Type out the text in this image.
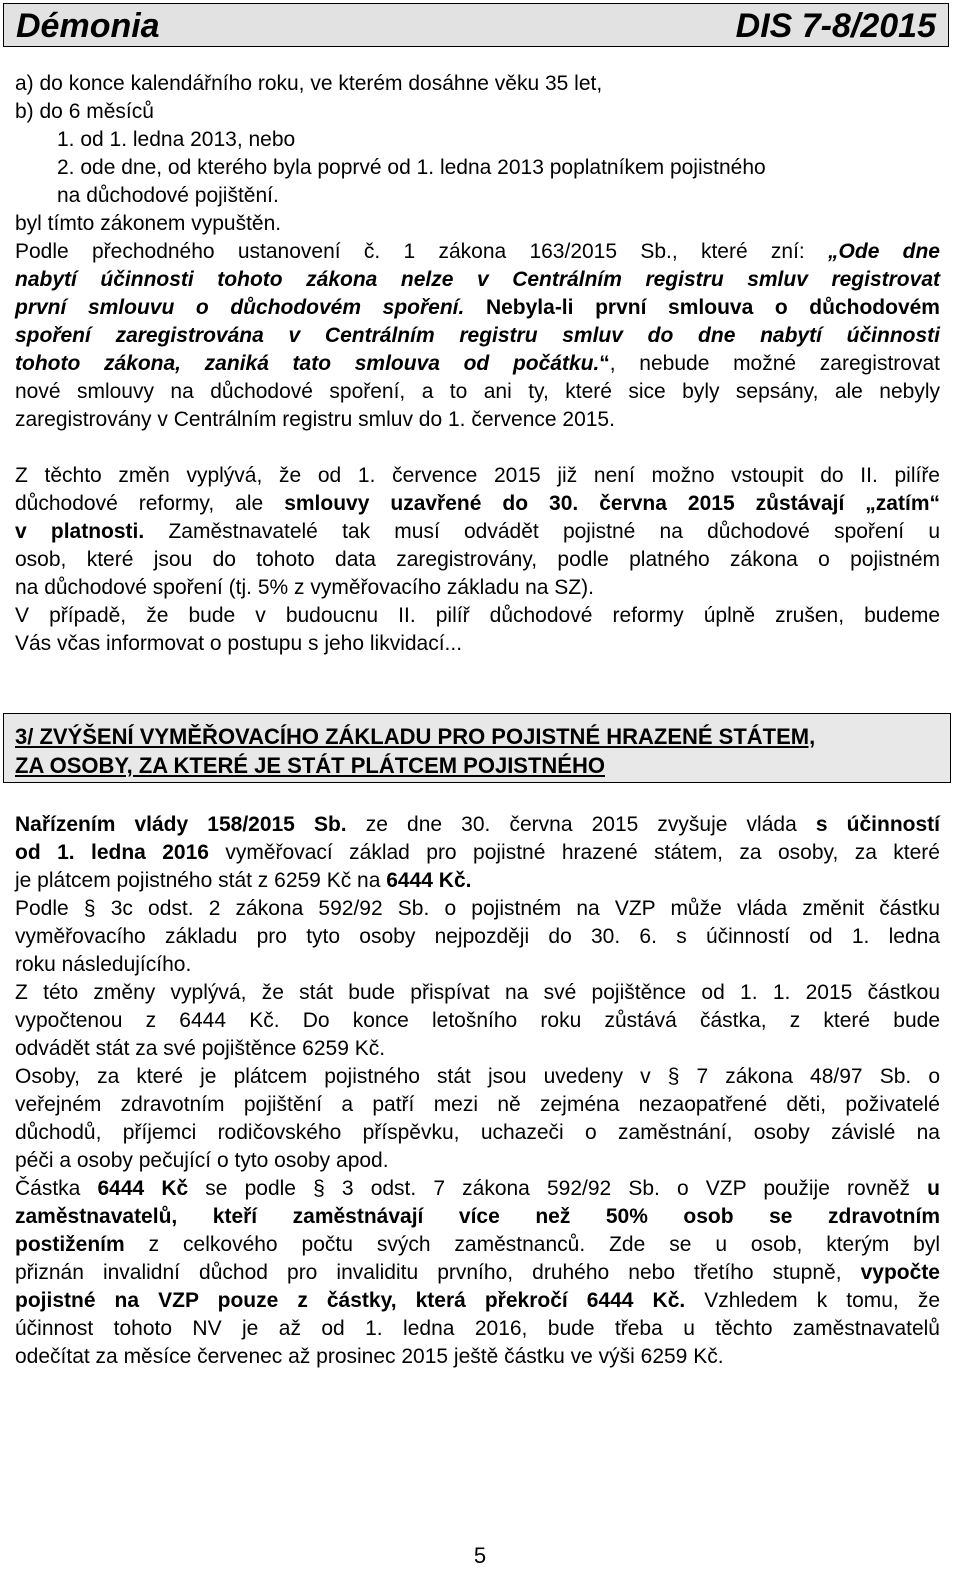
Démonia	DIS 7-8/2015

a) do konce kalendářního roku, ve kterém dosáhne věku 35 let,

b) do 6 měsíců

1. od 1. ledna 2013, nebo

2. ode dne, od kterého byla poprvé od 1. ledna 2013 poplatníkem pojistného

na důchodové pojištění.

byl tímto zákonem vypuštěn.

Podle přechodného ustanovení č. 1 zákona 163/2015 Sb., které zní: „Ode dne

nabytí účinnosti tohoto zákona nelze v Centrálním registru smluv registrovat

první smlouvu o důchodovém spoření. Nebyla-li první smlouva o důchodovém

spoření zaregistrována v Centrálním registru smluv do dne nabytí účinnosti

tohoto zákona, zaniká tato smlouva od počátku.“, nebude možné zaregistrovat

nové smlouvy na důchodové spoření, a to ani ty, které sice byly sepsány, ale nebyly

zaregistrovány v Centrálním registru smluv do 1. července 2015.

Z těchto změn vyplývá, že od 1. července 2015 již není možno vstoupit do II. pilíře

důchodové reformy, ale smlouvy uzavřené do 30. června 2015 zůstávají „zatím“

v platnosti. Zaměstnavatelé tak musí odvádět pojistné na důchodové spoření u

osob, které jsou do tohoto data zaregistrovány, podle platného zákona o pojistném

na důchodové spoření (tj. 5% z vyměřovacího základu na SZ).

V případě, že bude v budoucnu II. pilíř důchodové reformy úplně zrušen, budeme

Vás včas informovat o postupu s jeho likvidací...

3/ ZVÝŠENÍ VYMĚŘOVACÍHO ZÁKLADU PRO POJISTNÉ HRAZENÉ STÁTEM,
ZA OSOBY, ZA KTERÉ JE STÁT PLÁTCEM POJISTNÉHO

Nařízením vlády 158/2015 Sb. ze dne 30. června 2015 zvyšuje vláda s účinností

od 1. ledna 2016 vyměřovací základ pro pojistné hrazené státem, za osoby, za které

je plátcem pojistného stát z 6259 Kč na 6444 Kč.

Podle § 3c odst. 2 zákona 592/92 Sb. o pojistném na VZP může vláda změnit částku

vyměřovacího základu pro tyto osoby nejpozději do 30. 6. s účinností od 1. ledna

roku následujícího.

Z této změny vyplývá, že stát bude přispívat na své pojištěnce od 1. 1. 2015 částkou

vypočtenou z 6444 Kč. Do konce letošního roku zůstává částka, z které bude

odvádět stát za své pojištěnce 6259 Kč.

Osoby, za které je plátcem pojistného stát jsou uvedeny v § 7 zákona 48/97 Sb. o

veřejném zdravotním pojištění a patří mezi ně zejména nezaopatřené děti, poživatelé

důchodů, příjemci rodičovského příspěvku, uchazeči o zaměstnání, osoby závislé na

péči a osoby pečující o tyto osoby apod.

Částka 6444 Kč se podle § 3 odst. 7 zákona 592/92 Sb. o VZP použije rovněž u

zaměstnavatelů, kteří zaměstnávají více než 50% osob se zdravotním

postižením z celkového počtu svých zaměstnanců. Zde se u osob, kterým byl

přiznán invalidní důchod pro invaliditu prvního, druhého nebo třetího stupně, vypočte

pojistné na VZP pouze z částky, která překročí 6444 Kč. Vzhledem k tomu, že

účinnost tohoto NV je až od 1. ledna 2016, bude třeba u těchto zaměstnavatelů

odečítat za měsíce červenec až prosinec 2015 ještě částku ve výši 6259 Kč.

5
